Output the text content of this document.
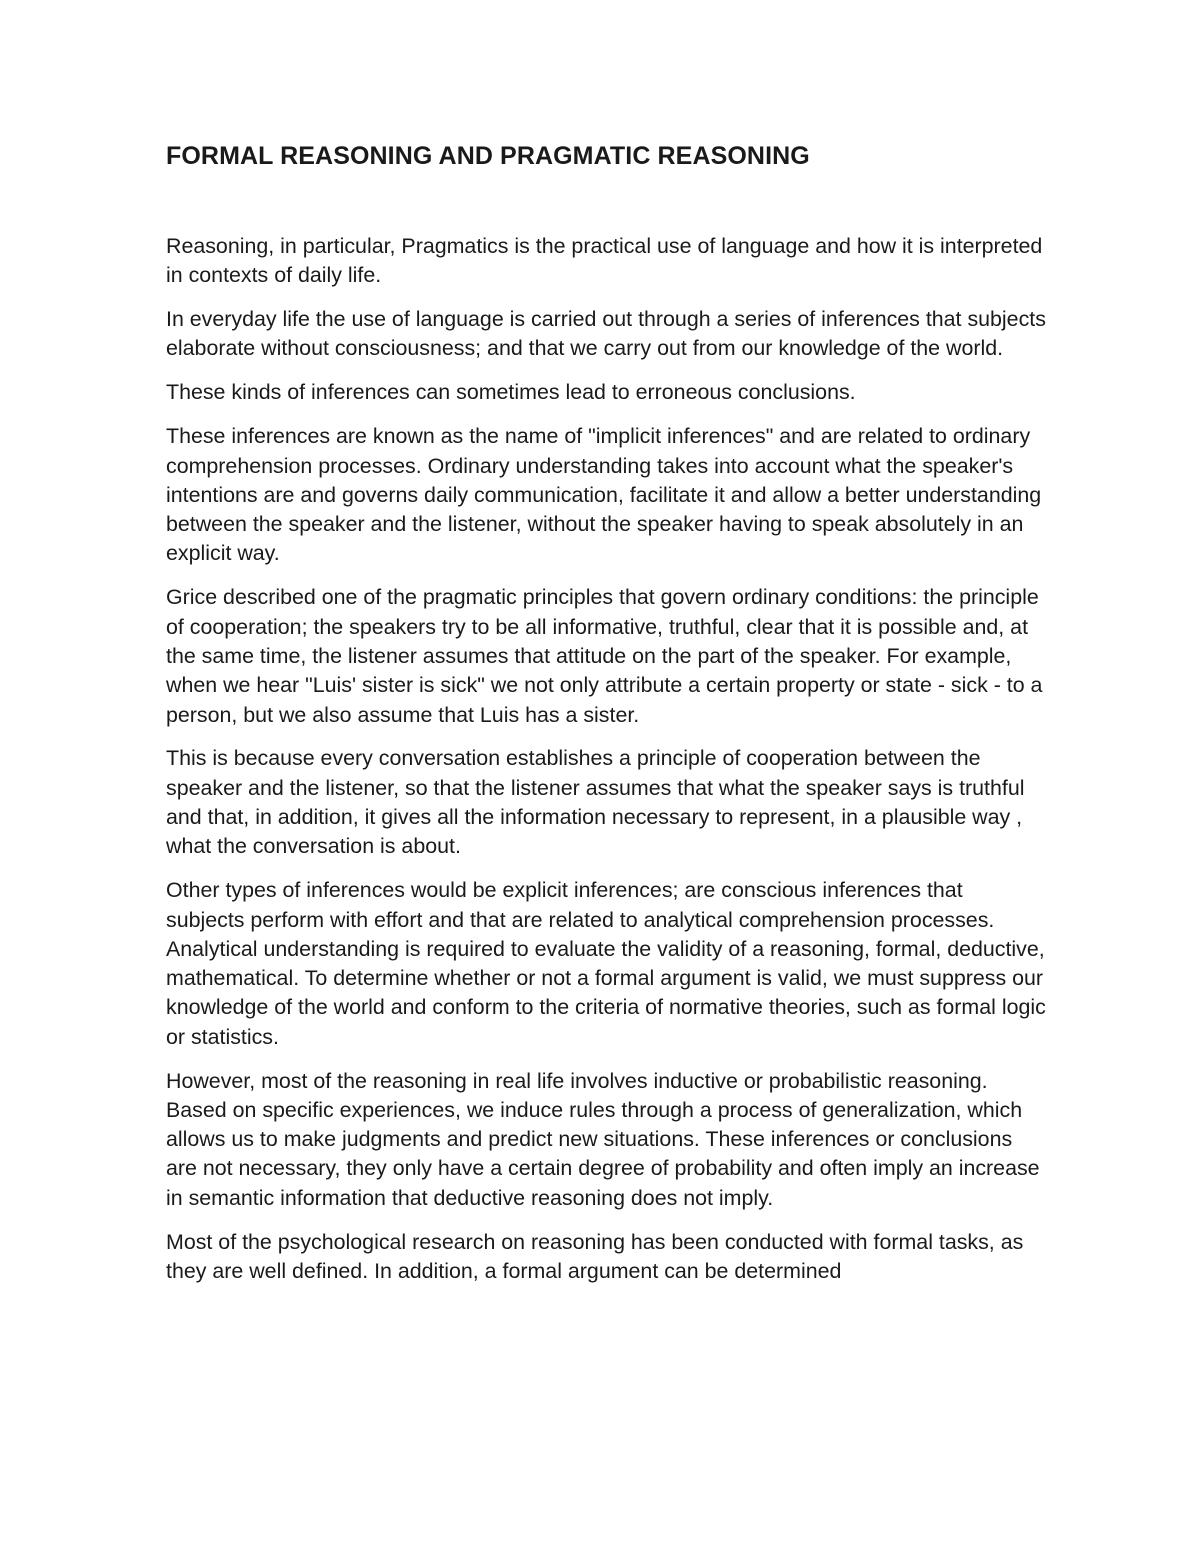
FORMAL REASONING AND PRAGMATIC REASONING

Reasoning, in particular, Pragmatics is the practical use of language and how it is interpreted in contexts of daily life.

In everyday life the use of language is carried out through a series of inferences that subjects elaborate without consciousness; and that we carry out from our knowledge of the world.

These kinds of inferences can sometimes lead to erroneous conclusions.

These inferences are known as the name of "implicit inferences" and are related to ordinary comprehension processes. Ordinary understanding takes into account what the speaker's intentions are and governs daily communication, facilitate it and allow a better understanding between the speaker and the listener, without the speaker having to speak absolutely in an explicit way.

Grice described one of the pragmatic principles that govern ordinary conditions: the principle of cooperation; the speakers try to be all informative, truthful, clear that it is possible and, at the same time, the listener assumes that attitude on the part of the speaker. For example, when we hear "Luis' sister is sick" we not only attribute a certain property or state - sick - to a person, but we also assume that Luis has a sister.

This is because every conversation establishes a principle of cooperation between the speaker and the listener, so that the listener assumes that what the speaker says is truthful and that, in addition, it gives all the information necessary to represent, in a plausible way , what the conversation is about.

Other types of inferences would be explicit inferences; are conscious inferences that subjects perform with effort and that are related to analytical comprehension processes. Analytical understanding is required to evaluate the validity of a reasoning, formal, deductive, mathematical. To determine whether or not a formal argument is valid, we must suppress our knowledge of the world and conform to the criteria of normative theories, such as formal logic or statistics.

However, most of the reasoning in real life involves inductive or probabilistic reasoning. Based on specific experiences, we induce rules through a process of generalization, which allows us to make judgments and predict new situations. These inferences or conclusions are not necessary, they only have a certain degree of probability and often imply an increase in semantic information that deductive reasoning does not imply.

Most of the psychological research on reasoning has been conducted with formal tasks, as they are well defined. In addition, a formal argument can be determined
